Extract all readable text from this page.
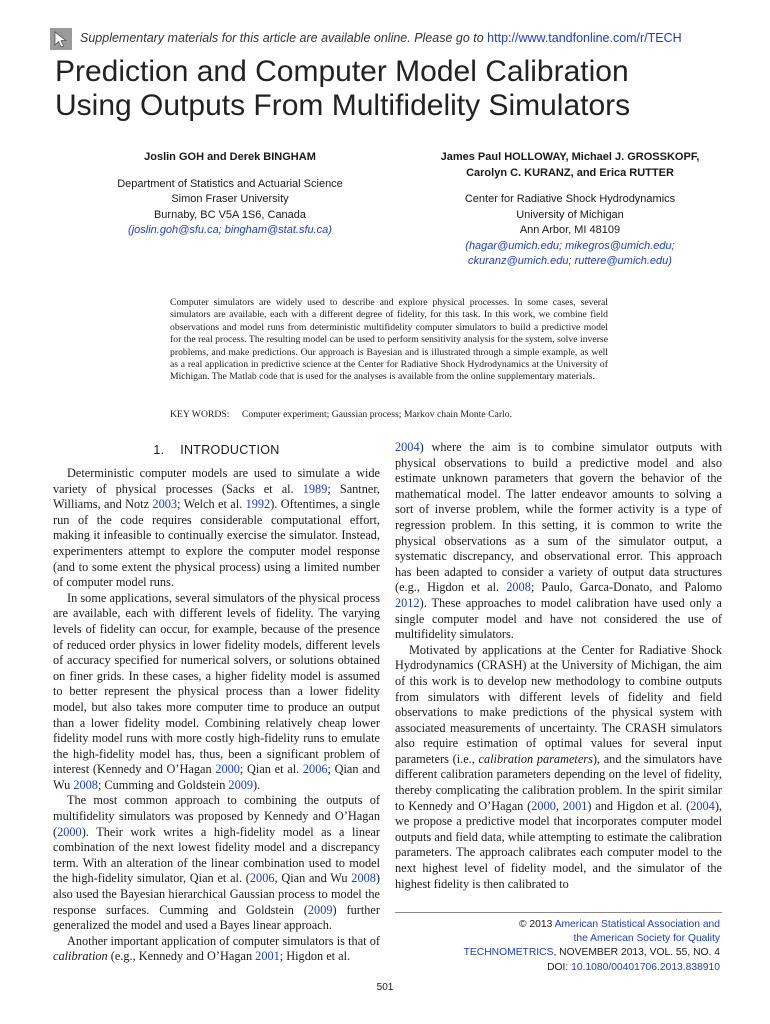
Supplementary materials for this article are available online. Please go to http://www.tandfonline.com/r/TECH
Prediction and Computer Model Calibration
Using Outputs From Multifidelity Simulators
Joslin GOH and Derek BINGHAM
Department of Statistics and Actuarial Science
Simon Fraser University
Burnaby, BC V5A 1S6, Canada
(joslin.goh@sfu.ca; bingham@stat.sfu.ca)
James Paul HOLLOWAY, Michael J. GROSSKOPF,
Carolyn C. KURANZ, and Erica RUTTER
Center for Radiative Shock Hydrodynamics
University of Michigan
Ann Arbor, MI 48109
(hagar@umich.edu; mikegros@umich.edu;
ckuranz@umich.edu; ruttere@umich.edu)
Computer simulators are widely used to describe and explore physical processes. In some cases, several simulators are available, each with a different degree of fidelity, for this task. In this work, we combine field observations and model runs from deterministic multifidelity computer simulators to build a predictive model for the real process. The resulting model can be used to perform sensitivity analysis for the system, solve inverse problems, and make predictions. Our approach is Bayesian and is illustrated through a simple example, as well as a real application in predictive science at the Center for Radiative Shock Hydrodynamics at the University of Michigan. The Matlab code that is used for the analyses is available from the online supplementary materials.
KEY WORDS: Computer experiment; Gaussian process; Markov chain Monte Carlo.
1. INTRODUCTION

Deterministic computer models are used to simulate a wide variety of physical processes (Sacks et al. 1989; Santner, Williams, and Notz 2003; Welch et al. 1992). Oftentimes, a single run of the code requires considerable computational effort, making it infeasible to continually exercise the simulator. Instead, experimenters attempt to explore the computer model response (and to some extent the physical process) using a limited number of computer model runs.

In some applications, several simulators of the physical process are available, each with different levels of fidelity. The varying levels of fidelity can occur, for example, because of the presence of reduced order physics in lower fidelity models, different levels of accuracy specified for numerical solvers, or solutions obtained on finer grids. In these cases, a higher fidelity model is assumed to better represent the physical process than a lower fidelity model, but also takes more computer time to produce an output than a lower fidelity model. Combining relatively cheap lower fidelity model runs with more costly high-fidelity runs to emulate the high-fidelity model has, thus, been a significant problem of interest (Kennedy and O’Hagan 2000; Qian et al. 2006; Qian and Wu 2008; Cumming and Goldstein 2009).

The most common approach to combining the outputs of multifidelity simulators was proposed by Kennedy and O’Hagan (2000). Their work writes a high-fidelity model as a linear combination of the next lowest fidelity model and a discrepancy term. With an alteration of the linear combination used to model the high-fidelity simulator, Qian et al. (2006, Qian and Wu 2008) also used the Bayesian hierarchical Gaussian process to model the response surfaces. Cumming and Goldstein (2009) further generalized the model and used a Bayes linear approach.

Another important application of computer simulators is that of calibration (e.g., Kennedy and O’Hagan 2001; Higdon et al.

2004) where the aim is to combine simulator outputs with physical observations to build a predictive model and also estimate unknown parameters that govern the behavior of the mathematical model. The latter endeavor amounts to solving a sort of inverse problem, while the former activity is a type of regression problem. In this setting, it is common to write the physical observations as a sum of the simulator output, a systematic discrepancy, and observational error. This approach has been adapted to consider a variety of output data structures (e.g., Higdon et al. 2008; Paulo, Garca-Donato, and Palomo 2012). These approaches to model calibration have used only a single computer model and have not considered the use of multifidelity simulators.

Motivated by applications at the Center for Radiative Shock Hydrodynamics (CRASH) at the University of Michigan, the aim of this work is to develop new methodology to combine outputs from simulators with different levels of fidelity and field observations to make predictions of the physical system with associated measurements of uncertainty. The CRASH simulators also require estimation of optimal values for several input parameters (i.e., calibration parameters), and the simulators have different calibration parameters depending on the level of fidelity, thereby complicating the calibration problem. In the spirit similar to Kennedy and O’Hagan (2000, 2001) and Higdon et al. (2004), we propose a predictive model that incorporates computer model outputs and field data, while attempting to estimate the calibration parameters. The approach calibrates each computer model to the next highest level of fidelity model, and the simulator of the highest fidelity is then calibrated to

© 2013 American Statistical Association and
the American Society for Quality
TECHNOMETRICS, NOVEMBER 2013, VOL. 55, NO. 4
DOI: 10.1080/00401706.2013.838910
501
